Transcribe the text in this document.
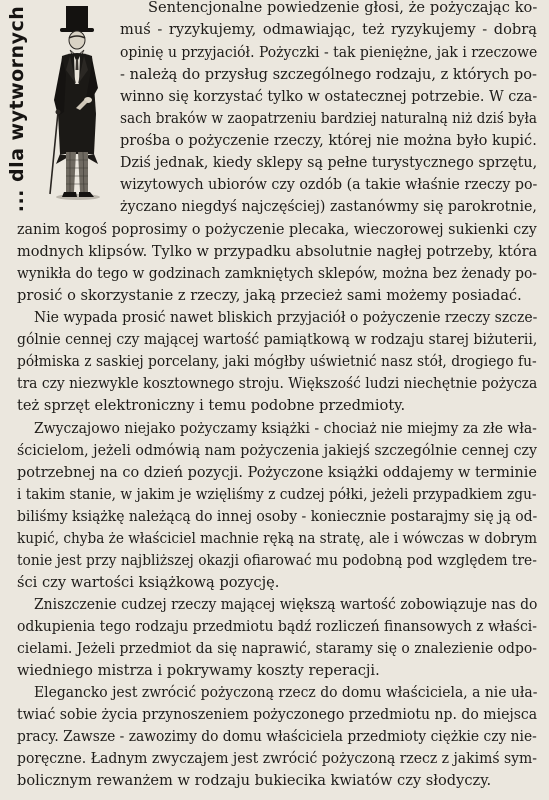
... dla wytwornych	Sentencjonalne powiedzenie głosi, że pożyczając ko-
muś - ryzykujemy, odmawiając, też ryzykujemy - dobrą
opinię u przyjaciół. Pożyczki - tak pieniężne, jak i rzeczowe
- należą do przysług szczególnego rodzaju, z których po-
winno się korzystać tylko w ostatecznej potrzebie. W cza-
sach braków w zaopatrzeniu bardziej naturalną niż dziś była
prośba o pożyczenie rzeczy, której nie można było kupić.
Dziś jednak, kiedy sklepy są pełne turystycznego sprzętu,
wizytowych ubiorów czy ozdób (a takie właśnie rzeczy po-
życzano niegdyś najczęściej) zastanówmy się parokrotnie,
zanim kogoś poprosimy o pożyczenie plecaka, wieczorowej sukienki czy
modnych klipsów. Tylko w przypadku absolutnie nagłej potrzeby, która
wynikła do tego w godzinach zamkniętych sklepów, można bez żenady po-
prosić o skorzystanie z rzeczy, jaką przecież sami możemy posiadać.
Nie wypada prosić nawet bliskich przyjaciół o pożyczenie rzeczy szcze-
gólnie cennej czy mającej wartość pamiątkową w rodzaju starej biżuterii,
półmiska z saskiej porcelany, jaki mógłby uświetnić nasz stół, drogiego fu-
tra czy niezwykle kosztownego stroju. Większość ludzi niechętnie pożycza
też sprzęt elektroniczny i temu podobne przedmioty.
Zwyczajowo niejako pożyczamy książki - chociaż nie miejmy za złe wła-
ścicielom, jeżeli odmówią nam pożyczenia jakiejś szczególnie cennej czy
potrzebnej na co dzień pozycji. Pożyczone książki oddajemy w terminie
i takim stanie, w jakim je wzięliśmy z cudzej półki, jeżeli przypadkiem zgu-
biliśmy książkę należącą do innej osoby - koniecznie postarajmy się ją od-
kupić, chyba że właściciel machnie ręką na stratę, ale i wówczas w dobrym
tonie jest przy najbliższej okazji ofiarować mu podobną pod względem tre-
ści czy wartości książkową pozycję.
Zniszczenie cudzej rzeczy mającej większą wartość zobowiązuje nas do
odkupienia tego rodzaju przedmiotu bądź rozliczeń finansowych z właści-
cielami. Jeżeli przedmiot da się naprawić, staramy się o znalezienie odpo-
wiedniego mistrza i pokrywamy koszty reperacji.
Elegancko jest zwrócić pożyczoną rzecz do domu właściciela, a nie uła-
twiać sobie życia przynoszeniem pożyczonego przedmiotu np. do miejsca
pracy. Zawsze - zawozimy do domu właściciela przedmioty ciężkie czy nie-
poręczne. Ładnym zwyczajem jest zwrócić pożyczoną rzecz z jakimś sym-
bolicznym rewanżem w rodzaju bukiecika kwiatów czy słodyczy.
